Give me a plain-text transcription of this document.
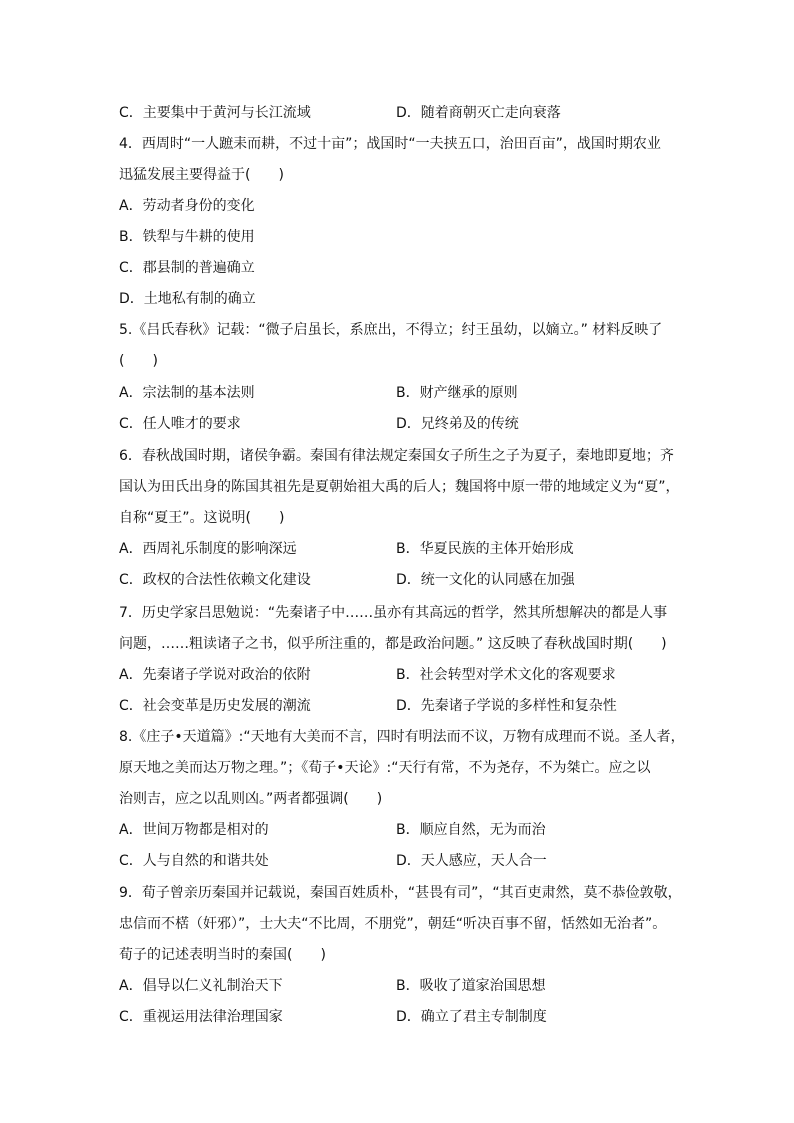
C．主要集中于黄河与长江流域	D．随着商朝灭亡走向衰落
4．西周时“一人蹠耒而耕，不过十亩”；战国时“一夫挟五口，治田百亩”，战国时期农业
迅猛发展主要得益于(　　)
A．劳动者身份的变化
B．铁犁与牛耕的使用
C．郡县制的普遍确立
D．土地私有制的确立
5.《吕氏春秋》记载：“微子启虽长，系庶出，不得立；纣王虽幼，以嫡立。” 材料反映了
(　　)
A．宗法制的基本法则	B．财产继承的原则
C．任人唯才的要求	D．兄终弟及的传统
6．春秋战国时期，诸侯争霸。秦国有律法规定秦国女子所生之子为夏子，秦地即夏地；齐
国认为田氏出身的陈国其祖先是夏朝始祖大禹的后人；魏国将中原一带的地域定义为“夏”，
自称“夏王”。这说明(　　)
A．西周礼乐制度的影响深远	B．华夏民族的主体开始形成
C．政权的合法性依赖文化建设	D．统一文化的认同感在加强
7．历史学家吕思勉说：“先秦诸子中……虽亦有其高远的哲学，然其所想解决的都是人事
问题，……粗读诸子之书，似乎所注重的，都是政治问题。” 这反映了春秋战国时期(　　)
A．先秦诸子学说对政治的依附	B．社会转型对学术文化的客观要求
C．社会变革是历史发展的潮流	D．先秦诸子学说的多样性和复杂性
8.《庄子•天道篇》:“天地有大美而不言，四时有明法而不议，万物有成理而不说。圣人者，
原天地之美而达万物之理。”；《荀子•天论》:“天行有常，不为尧存，不为桀亡。应之以
治则吉，应之以乱则凶。”两者都强调(　　)
A．世间万物都是相对的	B．顺应自然，无为而治
C．人与自然的和谐共处	D．天人感应，天人合一
9．荀子曾亲历秦国并记载说，秦国百姓质朴，“甚畏有司”，“其百吏肃然，莫不恭俭敦敬，
忠信而不楛（奸邪）”，士大夫“不比周，不朋党”，朝廷“听决百事不留，恬然如无治者”。
荀子的记述表明当时的秦国(　　)
A．倡导以仁义礼制治天下	B．吸收了道家治国思想
C．重视运用法律治理国家	D．确立了君主专制制度
